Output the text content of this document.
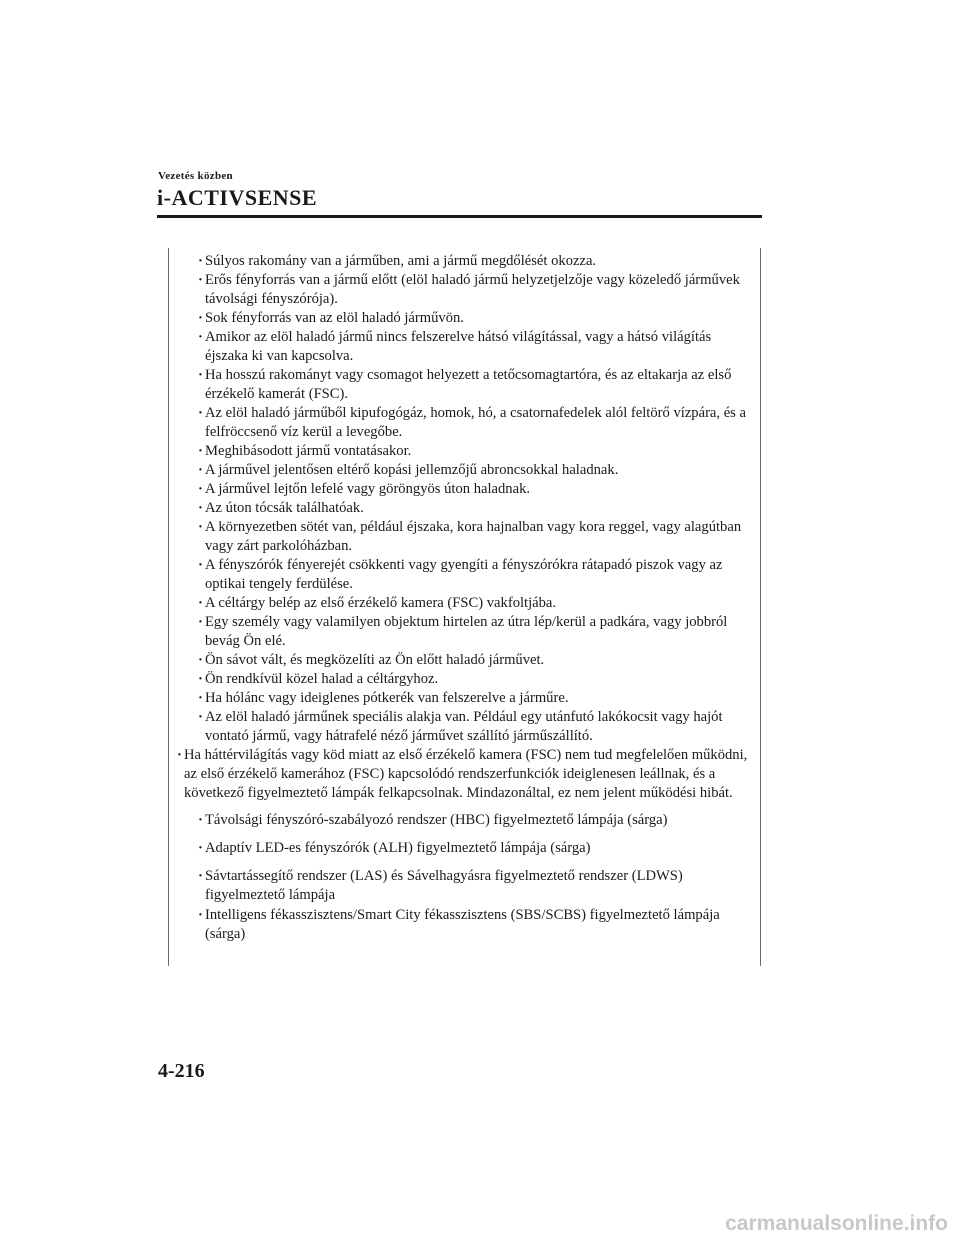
Vezetés közben
i-ACTIVSENSE
· Súlyos rakomány van a járműben, ami a jármű megdőlését okozza.
· Erős fényforrás van a jármű előtt (elöl haladó jármű helyzetjelzője vagy közeledő járművek távolsági fényszórója).
· Sok fényforrás van az elöl haladó járművön.
· Amikor az elöl haladó jármű nincs felszerelve hátsó világítással, vagy a hátsó világítás éjszaka ki van kapcsolva.
· Ha hosszú rakományt vagy csomagot helyezett a tetőcsomagtartóra, és az eltakarja az első érzékelő kamerát (FSC).
· Az elöl haladó járműből kipufogógáz, homok, hó, a csatornafedelek alól feltörő vízpára, és a felfröccsenő víz kerül a levegőbe.
· Meghibásodott jármű vontatásakor.
· A járművel jelentősen eltérő kopási jellemzőjű abroncsokkal haladnak.
· A járművel lejtőn lefelé vagy göröngyös úton haladnak.
· Az úton tócsák találhatóak.
· A környezetben sötét van, például éjszaka, kora hajnalban vagy kora reggel, vagy alagútban vagy zárt parkolóházban.
· A fényszórók fényerejét csökkenti vagy gyengíti a fényszórókra rátapadó piszok vagy az optikai tengely ferdülése.
· A céltárgy belép az első érzékelő kamera (FSC) vakfoltjába.
· Egy személy vagy valamilyen objektum hirtelen az útra lép/kerül a padkára, vagy jobbról bevág Ön elé.
· Ön sávot vált, és megközelíti az Ön előtt haladó járművet.
· Ön rendkívül közel halad a céltárgyhoz.
· Ha hólánc vagy ideiglenes pótkerék van felszerelve a járműre.
· Az elöl haladó járműnek speciális alakja van. Például egy utánfutó lakókocsit vagy hajót vontató jármű, vagy hátrafelé néző járművet szállító járműszállító.
· Ha háttérvilágítás vagy köd miatt az első érzékelő kamera (FSC) nem tud megfelelően működni, az első érzékelő kamerához (FSC) kapcsolódó rendszerfunkciók ideiglenesen leállnak, és a következő figyelmeztető lámpák felkapcsolnak. Mindazonáltal, ez nem jelent működési hibát.
· Távolsági fényszóró-szabályozó rendszer (HBC) figyelmeztető lámpája (sárga)
· Adaptív LED-es fényszórók (ALH) figyelmeztető lámpája (sárga)
· Sávtartássegítő rendszer (LAS) és Sávelhagyásra figyelmeztető rendszer (LDWS) figyelmeztető lámpája
· Intelligens fékasszisztens/Smart City fékasszisztens (SBS/SCBS) figyelmeztető lámpája (sárga)
4-216
carmanualsonline.info
